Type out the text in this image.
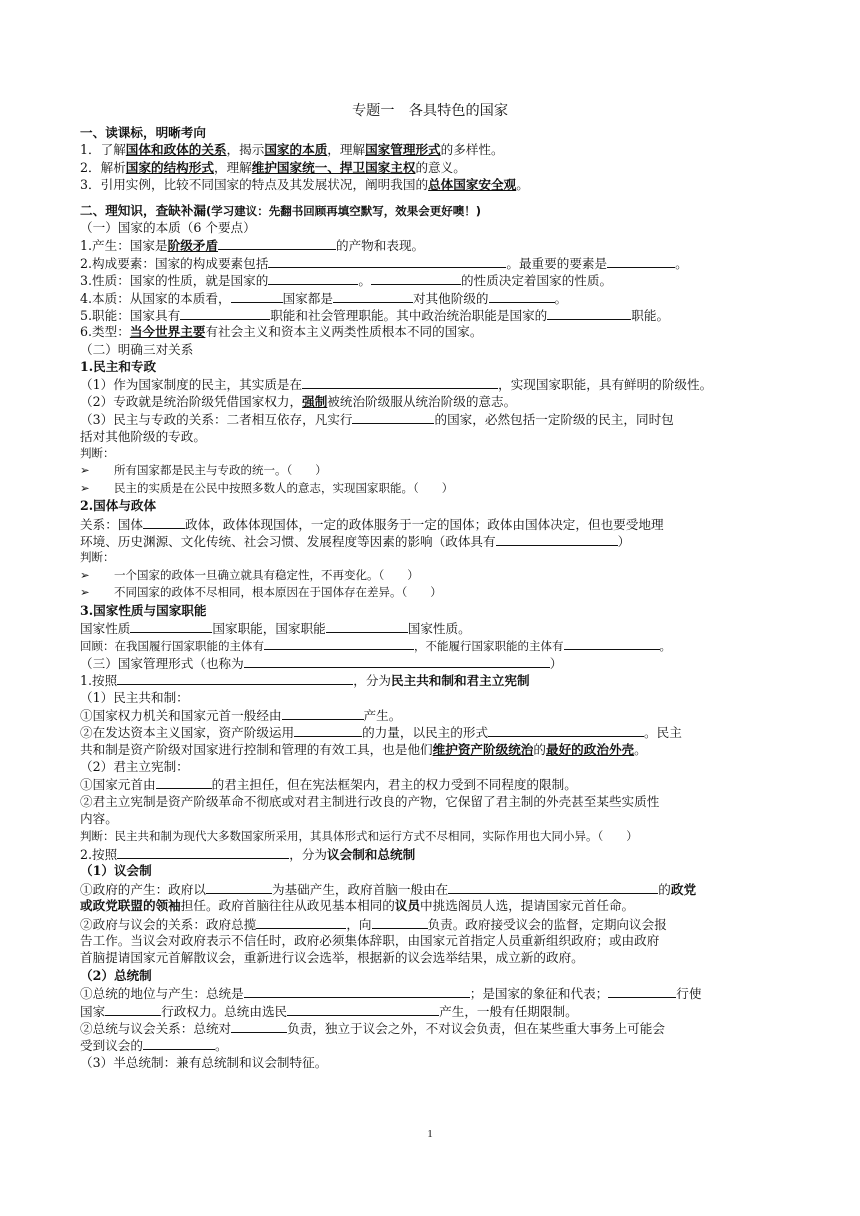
专题一　各具特色的国家
一、读课标，明晰考向
1．了解国体和政体的关系，揭示国家的本质，理解国家管理形式的多样性。
2．解析国家的结构形式，理解维护国家统一、捍卫国家主权的意义。
3．引用实例，比较不同国家的特点及其发展状况，阐明我国的总体国家安全观。
二、理知识，查缺补漏(学习建议：先翻书回顾再填空默写，效果会更好噢！)
（一）国家的本质（6 个要点）
1.产生：国家是阶级矛盾	的产物和表现。
2.构成要素：国家的构成要素包括	。最重要的要素是	。
3.性质：国家的性质，就是国家的	。	的性质决定着国家的性质。
4.本质：从国家的本质看，	国家都是	对其他阶级的	。
5.职能：国家具有	职能和社会管理职能。其中政治统治职能是国家的	职能。
6.类型：当今世界主要有社会主义和资本主义两类性质根本不同的国家。
（二）明确三对关系
1.民主和专政
（1）作为国家制度的民主，其实质是在	，实现国家职能，具有鲜明的阶级性。
（2）专政就是统治阶级凭借国家权力，强制被统治阶级服从统治阶级的意志。
（3）民主与专政的关系：二者相互依存，凡实行	的国家，必然包括一定阶级的民主，同时包
括对其他阶级的专政。
判断：
➢ 所有国家都是民主与专政的统一。（　　）
➢ 民主的实质是在公民中按照多数人的意志，实现国家职能。（　　）
2.国体与政体
关系：国体	政体，政体体现国体，一定的政体服务于一定的国体；政体由国体决定，但也要受地理
环境、历史渊源、文化传统、社会习惯、发展程度等因素的影响（政体具有	）
判断：
➢ 一个国家的政体一旦确立就具有稳定性，不再变化。（　　）
➢ 不同国家的政体不尽相同，根本原因在于国体存在差异。（　　）
3.国家性质与国家职能
国家性质	国家职能，国家职能	国家性质。
回顾：在我国履行国家职能的主体有	，不能履行国家职能的主体有	。
（三）国家管理形式（也称为	）
1.按照	，分为民主共和制和君主立宪制
（1）民主共和制：
①国家权力机关和国家元首一般经由	产生。
②在发达资本主义国家，资产阶级运用	的力量，以民主的形式	。民主
共和制是资产阶级对国家进行控制和管理的有效工具，也是他们维护资产阶级统治的最好的政治外壳。
（2）君主立宪制：
①国家元首由	的君主担任，但在宪法框架内，君主的权力受到不同程度的限制。
②君主立宪制是资产阶级革命不彻底或对君主制进行改良的产物，它保留了君主制的外壳甚至某些实质性
内容。
判断：民主共和制为现代大多数国家所采用，其具体形式和运行方式不尽相同，实际作用也大同小异。（　　）
2.按照	，分为议会制和总统制
（1）议会制
①政府的产生：政府以	为基础产生，政府首脑一般由在	的政党
或政党联盟的领袖担任。政府首脑往往从政见基本相同的议员中挑选阁员人选，提请国家元首任命。
②政府与议会的关系：政府总揽	，向	负责。政府接受议会的监督，定期向议会报
告工作。当议会对政府表示不信任时，政府必须集体辞职，由国家元首指定人员重新组织政府；或由政府
首脑提请国家元首解散议会，重新进行议会选举，根据新的议会选举结果，成立新的政府。
（2）总统制
①总统的地位与产生：总统是	；是国家的象征和代表；	行使
国家	行政权力。总统由选民	产生，一般有任期限制。
②总统与议会关系：总统对	负责，独立于议会之外，不对议会负责，但在某些重大事务上可能会
受到议会的	。
（3）半总统制：兼有总统制和议会制特征。
1
